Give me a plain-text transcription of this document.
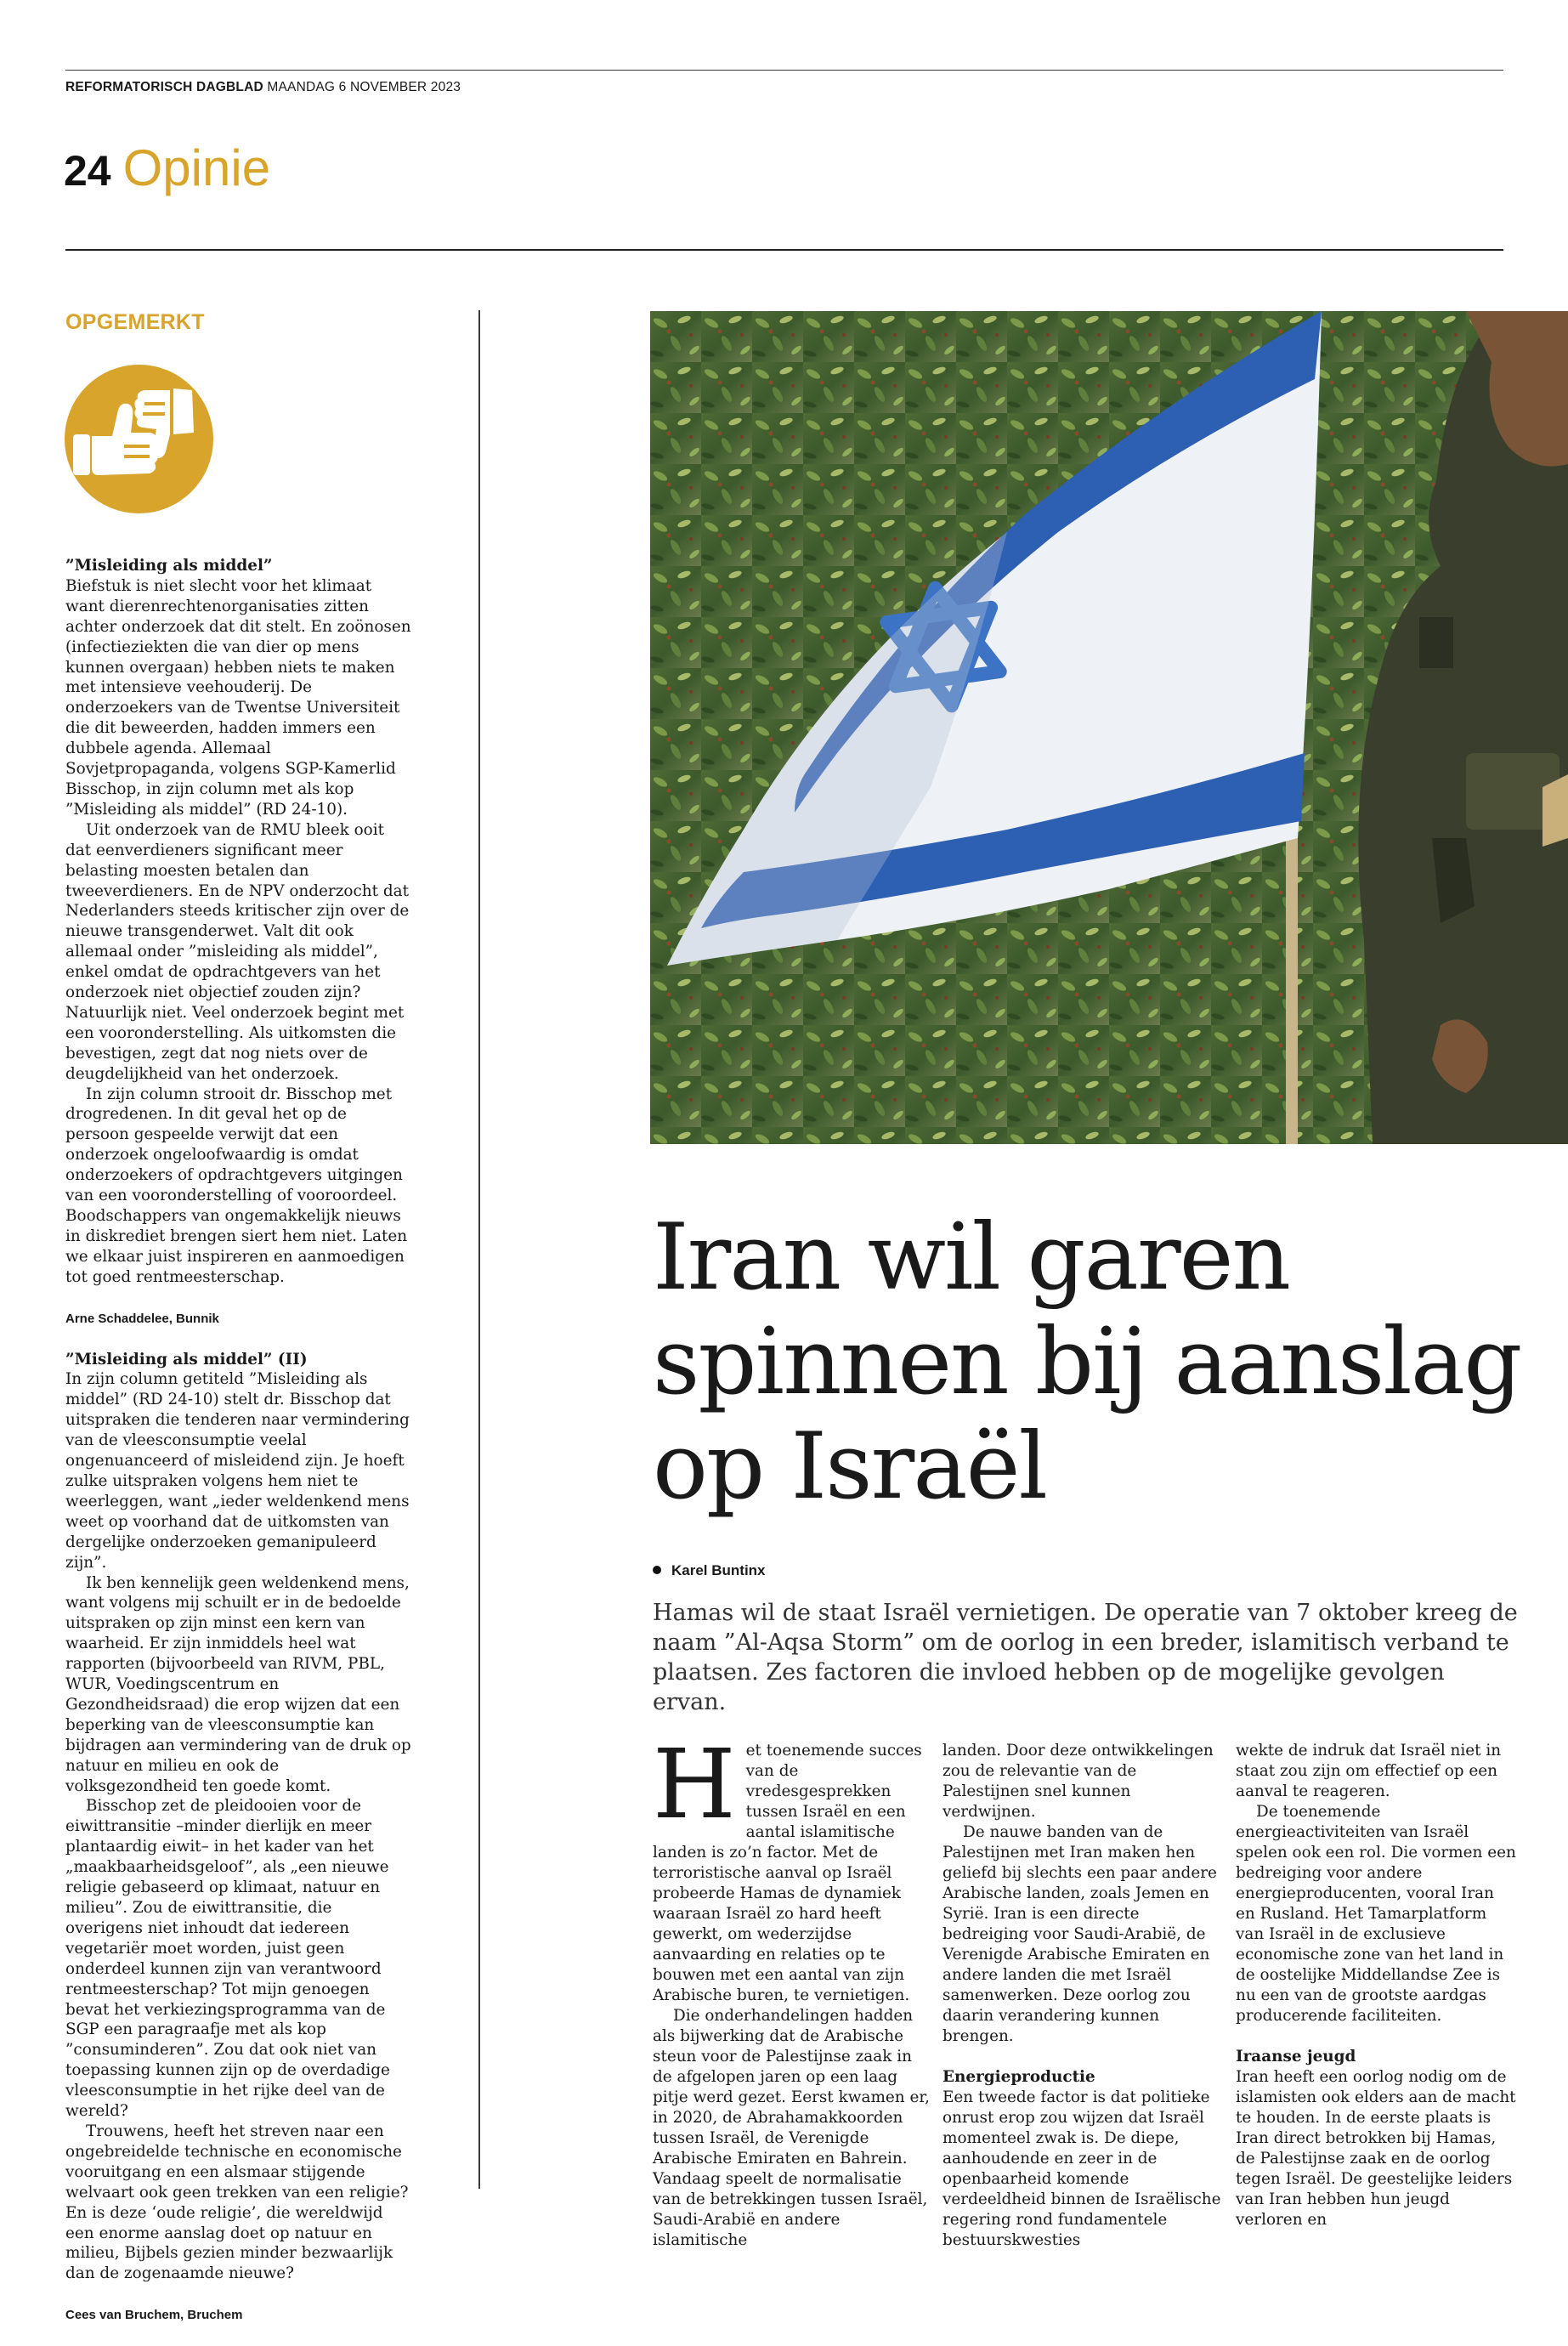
REFORMATORISCH DAGBLAD MAANDAG 6 NOVEMBER 2023
24 Opinie
OPGEMERKT

”Misleiding als middel”

Biefstuk is niet slecht voor het klimaat want dierenrechtenorganisaties zitten achter onderzoek dat dit stelt. En zoönosen (infectieziekten die van dier op mens kunnen overgaan) hebben niets te maken met intensieve veehouderij. De onderzoekers van de Twentse Universiteit die dit beweerden, hadden immers een dubbele agenda. Allemaal Sovjetpropaganda, volgens SGP-Kamerlid Bisschop, in zijn column met als kop ”Misleiding als middel” (RD 24-10).

Uit onderzoek van de RMU bleek ooit dat eenverdieners significant meer belasting moesten betalen dan tweeverdieners. En de NPV onderzocht dat Nederlanders steeds kritischer zijn over de nieuwe transgenderwet. Valt dit ook allemaal onder ”misleiding als middel”, enkel omdat de opdrachtgevers van het onderzoek niet objectief zouden zijn? Natuurlijk niet. Veel onderzoek begint met een vooronderstelling. Als uitkomsten die bevestigen, zegt dat nog niets over de deugdelijkheid van het onderzoek.

In zijn column strooit dr. Bisschop met drogredenen. In dit geval het op de persoon gespeelde verwijt dat een onderzoek ongeloofwaardig is omdat onderzoekers of opdrachtgevers uitgingen van een vooronderstelling of vooroordeel. Boodschappers van ongemakkelijk nieuws in diskrediet brengen siert hem niet. Laten we elkaar juist inspireren en aanmoedigen tot goed rentmeesterschap.

Arne Schaddelee, Bunnik

”Misleiding als middel” (II)

In zijn column getiteld ”Misleiding als middel” (RD 24-10) stelt dr. Bisschop dat uitspraken die tenderen naar vermindering van de vleesconsumptie veelal ongenuanceerd of misleidend zijn. Je hoeft zulke uitspraken volgens hem niet te weerleggen, want „ieder weldenkend mens weet op voorhand dat de uitkomsten van dergelijke onderzoeken gemanipuleerd zijn”.

Ik ben kennelijk geen weldenkend mens, want volgens mij schuilt er in de bedoelde uitspraken op zijn minst een kern van waarheid. Er zijn inmiddels heel wat rapporten (bijvoorbeeld van RIVM, PBL, WUR, Voedingscentrum en Gezondheidsraad) die erop wijzen dat een beperking van de vleesconsumptie kan bijdragen aan vermindering van de druk op natuur en milieu en ook de volksgezondheid ten goede komt.

Bisschop zet de pleidooien voor de eiwittransitie –minder dierlijk en meer plantaardig eiwit– in het kader van het „maakbaarheidsgeloof”, als „een nieuwe religie gebaseerd op klimaat, natuur en milieu”. Zou de eiwittransitie, die overigens niet inhoudt dat iedereen vegetariër moet worden, juist geen onderdeel kunnen zijn van verantwoord rentmeesterschap? Tot mijn genoegen bevat het verkiezingsprogramma van de SGP een paragraafje met als kop ”consuminderen”. Zou dat ook niet van toepassing kunnen zijn op de overdadige vleesconsumptie in het rijke deel van de wereld?

Trouwens, heeft het streven naar een ongebreidelde technische en economische vooruitgang en een alsmaar stijgende welvaart ook geen trekken van een religie? En is deze ‘oude religie’, die wereldwijd een enorme aanslag doet op natuur en milieu, Bijbels gezien minder bezwaarlijk dan de zogenaamde nieuwe?

Cees van Bruchem, Bruchem
Iran wil garen spinnen bij aanslag op Israël
Karel Buntinx
Hamas wil de staat Israël vernietigen. De operatie van 7 oktober kreeg de naam ”Al-Aqsa Storm” om de oorlog in een breder, islamitisch verband te plaatsen. Zes factoren die invloed hebben op de mogelijke gevolgen ervan.

Het toenemende succes van de vredesgesprekken tussen Israël en een aantal islamitische landen is zo’n factor. Met de terroristische aanval op Israël probeerde Hamas de dynamiek waaraan Israël zo hard heeft gewerkt, om wederzijdse aanvaarding en relaties op te bouwen met een aantal van zijn Arabische buren, te vernietigen.

Die onderhandelingen hadden als bijwerking dat de Arabische steun voor de Palestijnse zaak in de afgelopen jaren op een laag pitje werd gezet. Eerst kwamen er, in 2020, de Abrahamakkoorden tussen Israël, de Verenigde Arabische Emiraten en Bahrein. Vandaag speelt de normalisatie van de betrekkingen tussen Israël, Saudi-Arabië en andere islamitische

landen. Door deze ontwikkelingen zou de relevantie van de Palestijnen snel kunnen verdwijnen.

De nauwe banden van de Palestijnen met Iran maken hen geliefd bij slechts een paar andere Arabische landen, zoals Jemen en Syrië. Iran is een directe bedreiging voor Saudi-Arabië, de Verenigde Arabische Emiraten en andere landen die met Israël samenwerken. Deze oorlog zou daarin verandering kunnen brengen.

Energieproductie

Een tweede factor is dat politieke onrust erop zou wijzen dat Israël momenteel zwak is. De diepe, aanhoudende en zeer in de openbaarheid komende verdeeldheid binnen de Israëlische regering rond fundamentele bestuurskwesties

wekte de indruk dat Israël niet in staat zou zijn om effectief op een aanval te reageren.

De toenemende energieactiviteiten van Israël spelen ook een rol. Die vormen een bedreiging voor andere energieproducenten, vooral Iran en Rusland. Het Tamarplatform van Israël in de exclusieve economische zone van het land in de oostelijke Middellandse Zee is nu een van de grootste aardgas producerende faciliteiten.

Iraanse jeugd

Iran heeft een oorlog nodig om de islamisten ook elders aan de macht te houden. In de eerste plaats is Iran direct betrokken bij Hamas, de Palestijnse zaak en de oorlog tegen Israël. De geestelijke leiders van Iran hebben hun jeugd verloren en
